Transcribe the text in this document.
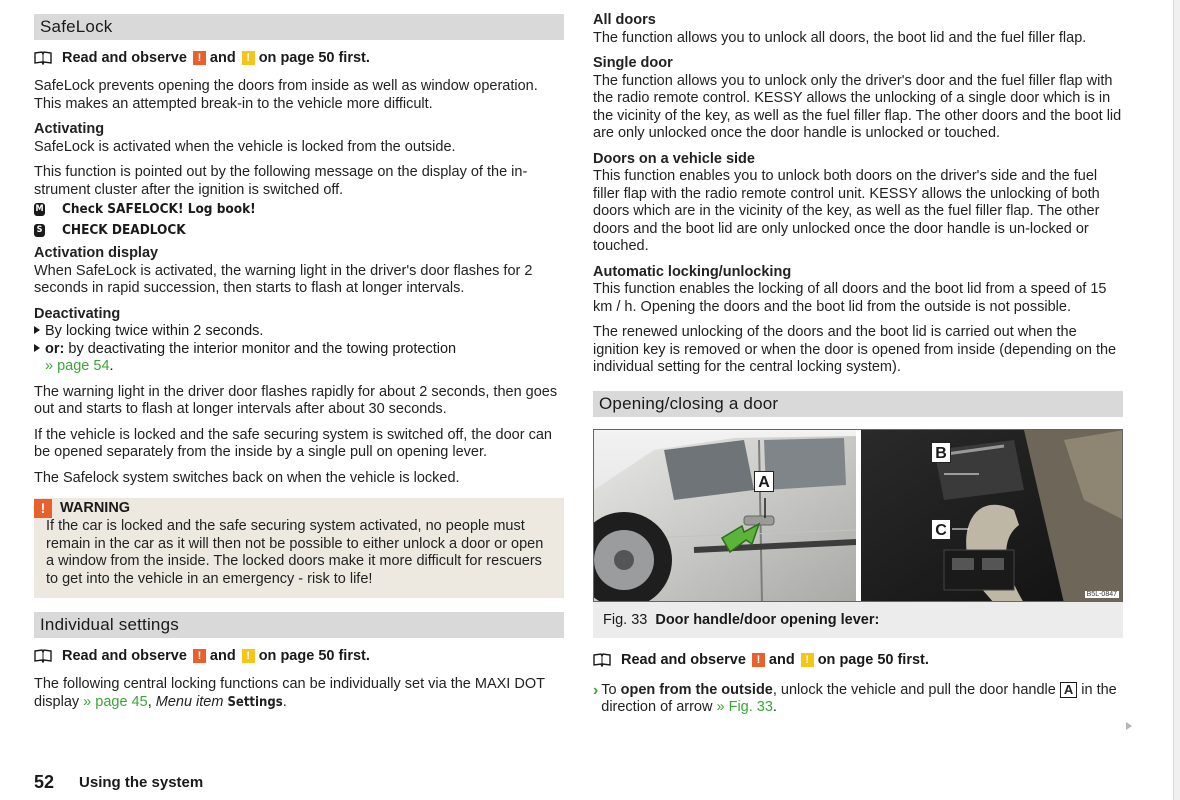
SafeLock
Read and observe ! and ! on page 50 first.

SafeLock prevents opening the doors from inside as well as window operation. This makes an attempted break-in to the vehicle more difficult.

Activating

SafeLock is activated when the vehicle is locked from the outside.

This function is pointed out by the following message on the display of the in-strument cluster after the ignition is switched off.

M Check SAFELOCK! Log book!
S CHECK DEADLOCK

Activation display

When SafeLock is activated, the warning light in the driver's door flashes for 2 seconds in rapid succession, then starts to flash at longer intervals.

Deactivating

By locking twice within 2 seconds.
or: by deactivating the interior monitor and the towing protection
» page 54.

The warning light in the driver door flashes rapidly for about 2 seconds, then goes out and starts to flash at longer intervals after about 30 seconds.

If the vehicle is locked and the safe securing system is switched off, the door can be opened separately from the inside by a single pull on opening lever.

The Safelock system switches back on when the vehicle is locked.

!	WARNING

If the car is locked and the safe securing system activated, no people must remain in the car as it will then not be possible to either unlock a door or open a window from the inside. The locked doors make it more difficult for rescuers to get into the vehicle in an emergency - risk to life!

Individual settings
Read and observe ! and ! on page 50 first.

The following central locking functions can be individually set via the MAXI DOT display » page 45, Menu item Settings.

All doors

The function allows you to unlock all doors, the boot lid and the fuel filler flap.

Single door

The function allows you to unlock only the driver's door and the fuel filler flap with the radio remote control. KESSY allows the unlocking of a single door which is in the vicinity of the key, as well as the fuel filler flap. The other doors and the boot lid are only unlocked once the door handle is unlocked or touched.

Doors on a vehicle side

This function enables you to unlock both doors on the driver's side and the fuel filler flap with the radio remote control unit. KESSY allows the unlocking of both doors which are in the vicinity of the key, as well as the fuel filler flap. The other doors and the boot lid are only unlocked once the door handle is un-locked or touched.

Automatic locking/unlocking

This function enables the locking of all doors and the boot lid from a speed of 15 km / h. Opening the doors and the boot lid from the outside is not possible.

The renewed unlocking of the doors and the boot lid is carried out when the ignition key is removed or when the door is opened from inside (depending on the individual setting for the central locking system).

Opening/closing a door
A
B
C
B5L-0847
Fig. 33 Door handle/door opening lever:
Read and observe ! and ! on page 50 first.
› To open from the outside, unlock the vehicle and pull the door handle A in the direction of arrow » Fig. 33.

52 Using the system
